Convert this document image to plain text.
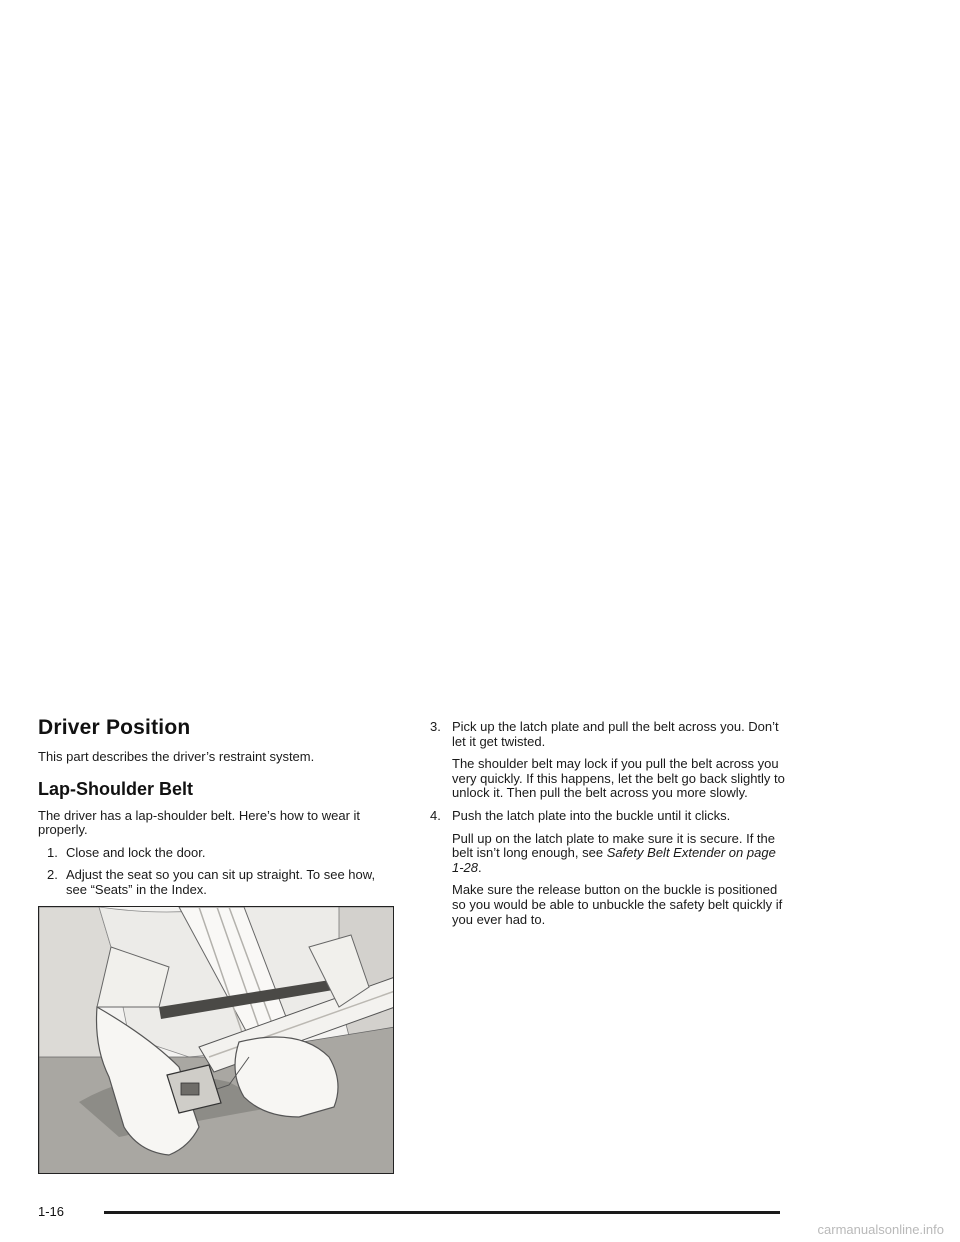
Driver Position

This part describes the driver’s restraint system.

Lap-Shoulder Belt

The driver has a lap-shoulder belt. Here’s how to wear it properly.

1. Close and lock the door.
2. Adjust the seat so you can sit up straight. To see how, see “Seats” in the Index.
3. Pick up the latch plate and pull the belt across you. Don’t let it get twisted.

The shoulder belt may lock if you pull the belt across you very quickly. If this happens, let the belt go back slightly to unlock it. Then pull the belt across you more slowly.

4. Push the latch plate into the buckle until it clicks.

Pull up on the latch plate to make sure it is secure. If the belt isn’t long enough, see Safety Belt Extender on page 1-28.

Make sure the release button on the buckle is positioned so you would be able to unbuckle the safety belt quickly if you ever had to.

1-16
carmanualsonline.info
